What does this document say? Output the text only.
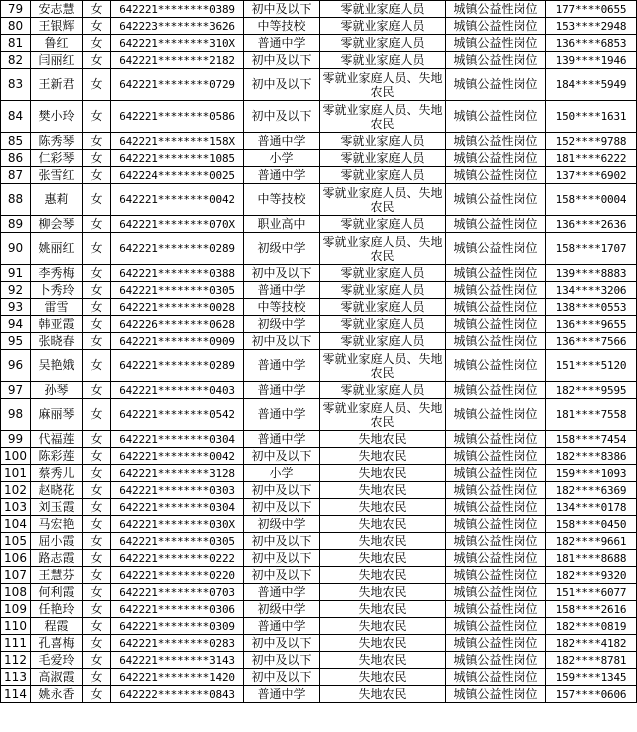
79	安志慧	女	642221********0389	初中及以下	零就业家庭人员	城镇公益性岗位	177****0655
80	王银辉	女	642223********3626	中等技校	零就业家庭人员	城镇公益性岗位	153****2948
81	鲁红	女	642221********310X	普通中学	零就业家庭人员	城镇公益性岗位	136****6853
82	闫丽红	女	642221********2182	初中及以下	零就业家庭人员	城镇公益性岗位	139****1946
83	王新君	女	642221********0729	初中及以下	零就业家庭人员、失地农民	城镇公益性岗位	184****5949
84	樊小玲	女	642221********0586	初中及以下	零就业家庭人员、失地农民	城镇公益性岗位	150****1631
85	陈秀琴	女	642221********158X	普通中学	零就业家庭人员	城镇公益性岗位	152****9788
86	仁彩琴	女	642221********1085	小学	零就业家庭人员	城镇公益性岗位	181****6222
87	张雪红	女	642224********0025	普通中学	零就业家庭人员	城镇公益性岗位	137****6902
88	惠莉	女	642221********0042	中等技校	零就业家庭人员、失地农民	城镇公益性岗位	158****0004
89	柳会琴	女	642221********070X	职业高中	零就业家庭人员	城镇公益性岗位	136****2636
90	姚丽红	女	642221********0289	初级中学	零就业家庭人员、失地农民	城镇公益性岗位	158****1707
91	李秀梅	女	642221********0388	初中及以下	零就业家庭人员	城镇公益性岗位	139****8883
92	卜秀玲	女	642221********0305	普通中学	零就业家庭人员	城镇公益性岗位	134****3206
93	雷雪	女	642221********0028	中等技校	零就业家庭人员	城镇公益性岗位	138****0553
94	韩亚霞	女	642226********0628	初级中学	零就业家庭人员	城镇公益性岗位	136****9655
95	张晓春	女	642221********0909	初中及以下	零就业家庭人员	城镇公益性岗位	136****7566
96	吴艳娥	女	642221********0289	普通中学	零就业家庭人员、失地农民	城镇公益性岗位	151****5120
97	孙琴	女	642221********0403	普通中学	零就业家庭人员	城镇公益性岗位	182****9595
98	麻丽琴	女	642221********0542	普通中学	零就业家庭人员、失地农民	城镇公益性岗位	181****7558
99	代福莲	女	642221********0304	普通中学	失地农民	城镇公益性岗位	158****7454
100	陈彩莲	女	642221********0042	初中及以下	失地农民	城镇公益性岗位	182****8386
101	蔡秀儿	女	642221********3128	小学	失地农民	城镇公益性岗位	159****1093
102	赵晓花	女	642221********0303	初中及以下	失地农民	城镇公益性岗位	182****6369
103	刘玉霞	女	642221********0304	初中及以下	失地农民	城镇公益性岗位	134****0178
104	马宏艳	女	642221********030X	初级中学	失地农民	城镇公益性岗位	158****0450
105	屈小霞	女	642221********0305	初中及以下	失地农民	城镇公益性岗位	182****9661
106	路志霞	女	642221********0222	初中及以下	失地农民	城镇公益性岗位	181****8688
107	王慧芬	女	642221********0220	初中及以下	失地农民	城镇公益性岗位	182****9320
108	何利霞	女	642221********0703	普通中学	失地农民	城镇公益性岗位	151****6077
109	任艳玲	女	642221********0306	初级中学	失地农民	城镇公益性岗位	158****2616
110	程霞	女	642221********0309	普通中学	失地农民	城镇公益性岗位	182****0819
111	孔喜梅	女	642221********0283	初中及以下	失地农民	城镇公益性岗位	182****4182
112	毛爱玲	女	642221********3143	初中及以下	失地农民	城镇公益性岗位	182****8781
113	高淑霞	女	642221********1420	初中及以下	失地农民	城镇公益性岗位	159****1345
114	姚永香	女	642222********0843	普通中学	失地农民	城镇公益性岗位	157****0606
